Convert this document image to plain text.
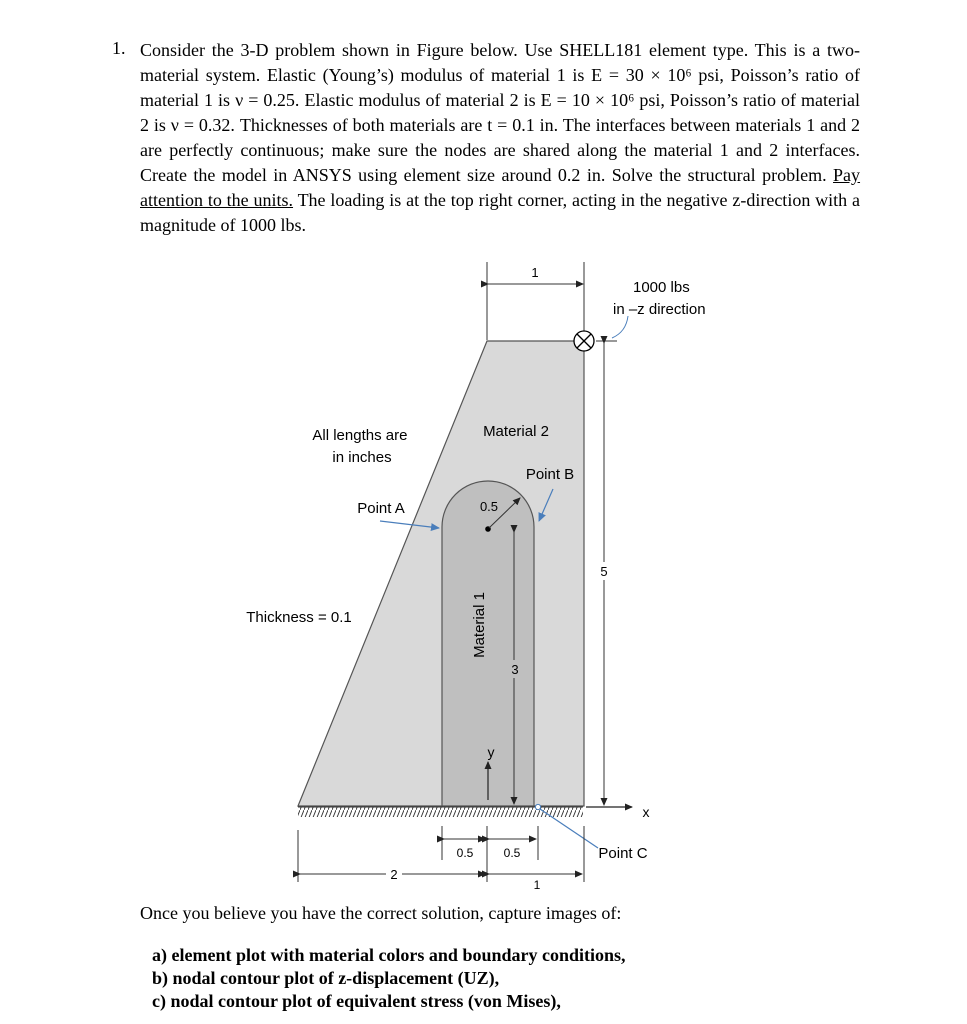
1. Consider the 3-D problem shown in Figure below. Use SHELL181 element type. This is a two-material system. Elastic (Young’s) modulus of material 1 is E = 30 × 10⁶ psi, Poisson’s ratio of material 1 is ν = 0.25. Elastic modulus of material 2 is E = 10 × 10⁶ psi, Poisson’s ratio of material 2 is ν = 0.32. Thicknesses of both materials are t = 0.1 in. The interfaces between materials 1 and 2 are perfectly continuous; make sure the nodes are shared along the material 1 and 2 interfaces. Create the model in ANSYS using element size around 0.2 in. Solve the structural problem. Pay attention to the units. The loading is at the top right corner, acting in the negative z-direction with a magnitude of 1000 lbs.
1
1000 lbs
in –z direction
5
Material 2
All lengths are in inches
Point B
Point A	0.5
3
Material 1
y
x
Thickness = 0.1
Point C
0.5	0.5
2
1
Once you believe you have the correct solution, capture images of:
a) element plot with material colors and boundary conditions,
b) nodal contour plot of z-displacement (UZ),
c) nodal contour plot of equivalent stress (von Mises),
